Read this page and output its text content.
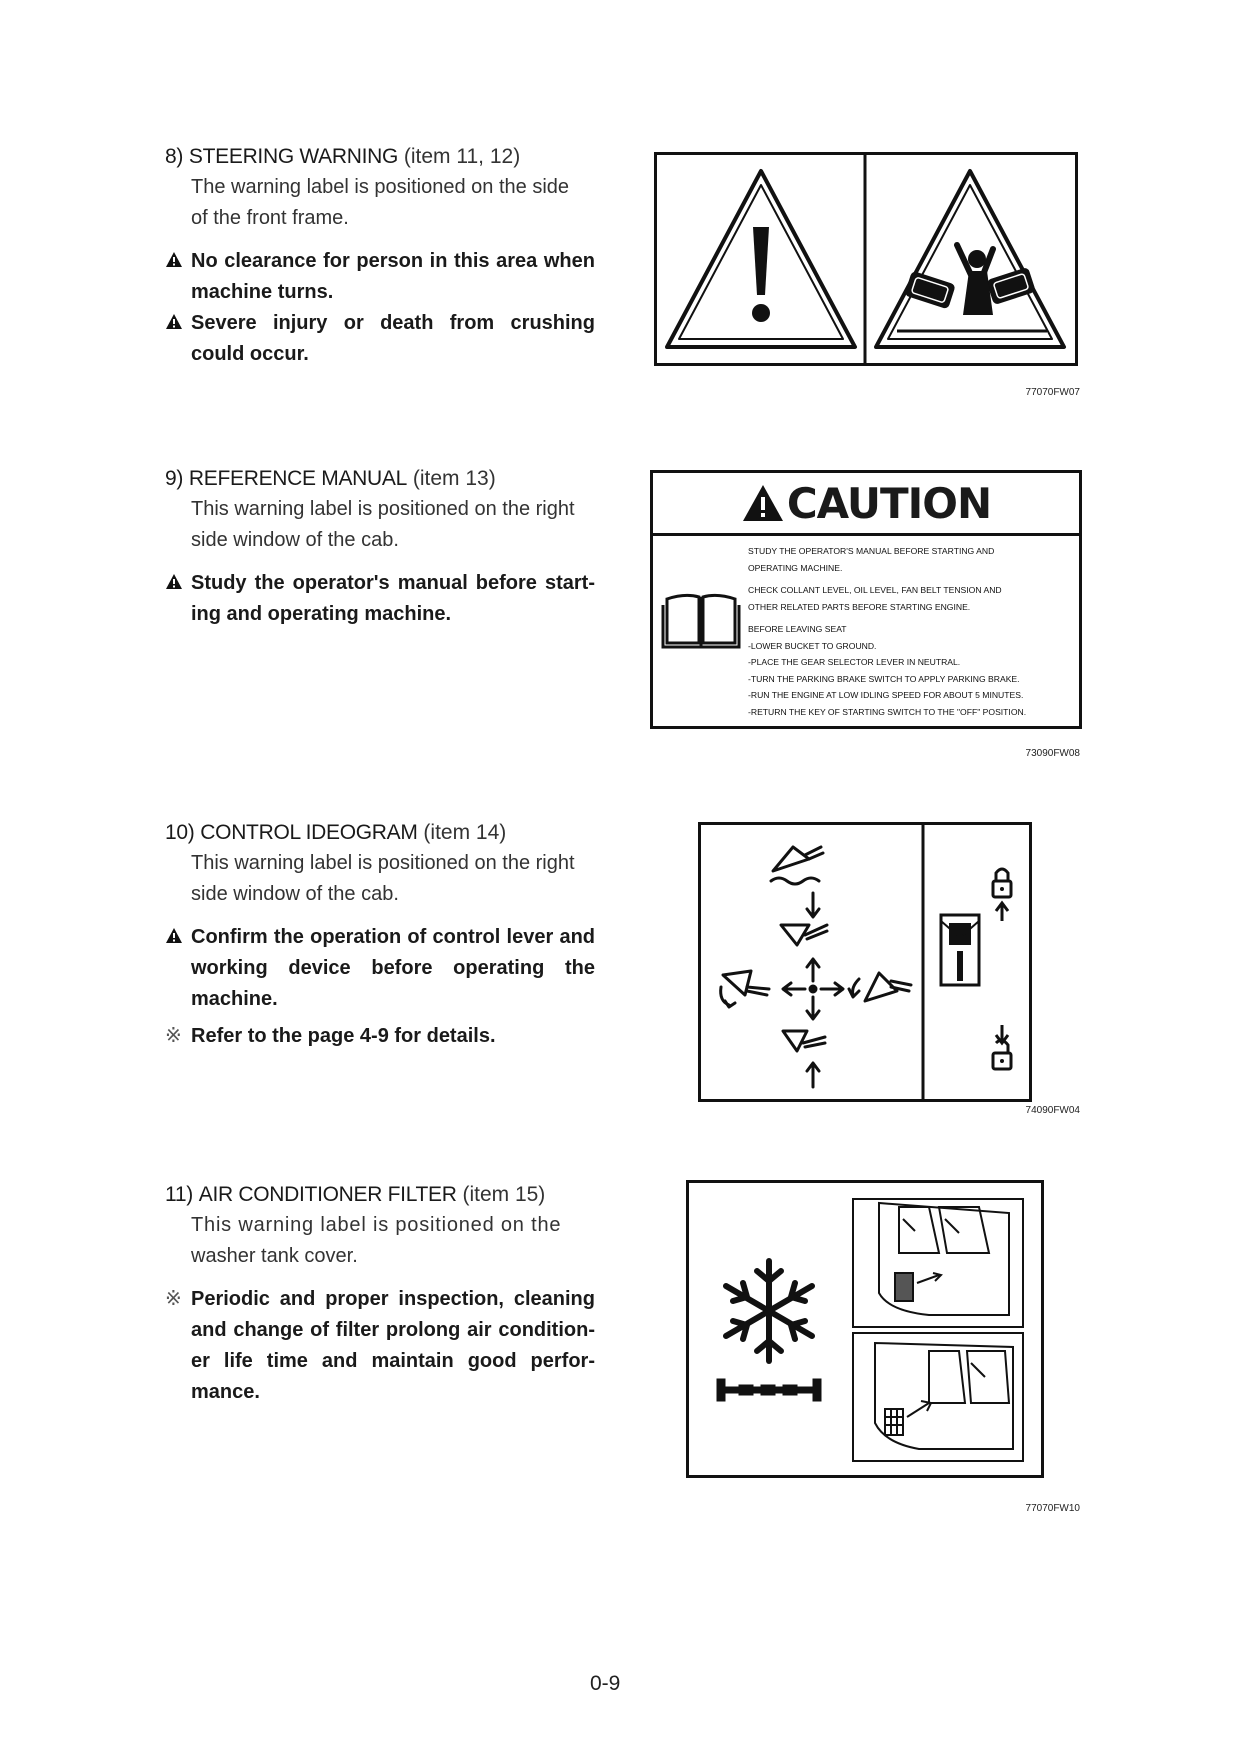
8) STEERING WARNING (item 11, 12)
The warning label is positioned on the side
of the front frame.
No clearance for person in this area when machine turns.
Severe injury or death from crushing could occur.
77070FW07
9) REFERENCE MANUAL (item 13)
This warning label is positioned on the right
side window of the cab.
Study the operator's manual before start-ing and operating machine.
CAUTION
STUDY THE OPERATOR'S MANUAL BEFORE STARTING AND
OPERATING MACHINE.
CHECK COLLANT LEVEL, OIL LEVEL, FAN BELT TENSION AND
OTHER RELATED PARTS BEFORE STARTING ENGINE.
BEFORE LEAVING SEAT
-LOWER BUCKET TO GROUND.
-PLACE THE GEAR SELECTOR LEVER IN NEUTRAL.
-TURN THE PARKING BRAKE SWITCH TO APPLY PARKING BRAKE.
-RUN THE ENGINE AT LOW IDLING SPEED FOR ABOUT 5 MINUTES.
-RETURN THE KEY OF STARTING SWITCH TO THE "OFF" POSITION.
73090FW08
10) CONTROL IDEOGRAM (item 14)
This warning label is positioned on the right
side window of the cab.
Confirm the operation of control lever and working device before operating the machine.
※ Refer to the page 4-9 for details.
74090FW04
11) AIR CONDITIONER FILTER (item 15)
This warning label is positioned on the
washer tank cover.
※ Periodic and proper inspection, cleaning and change of filter prolong air condition-er life time and maintain good perfor-mance.
77070FW10
0-9
